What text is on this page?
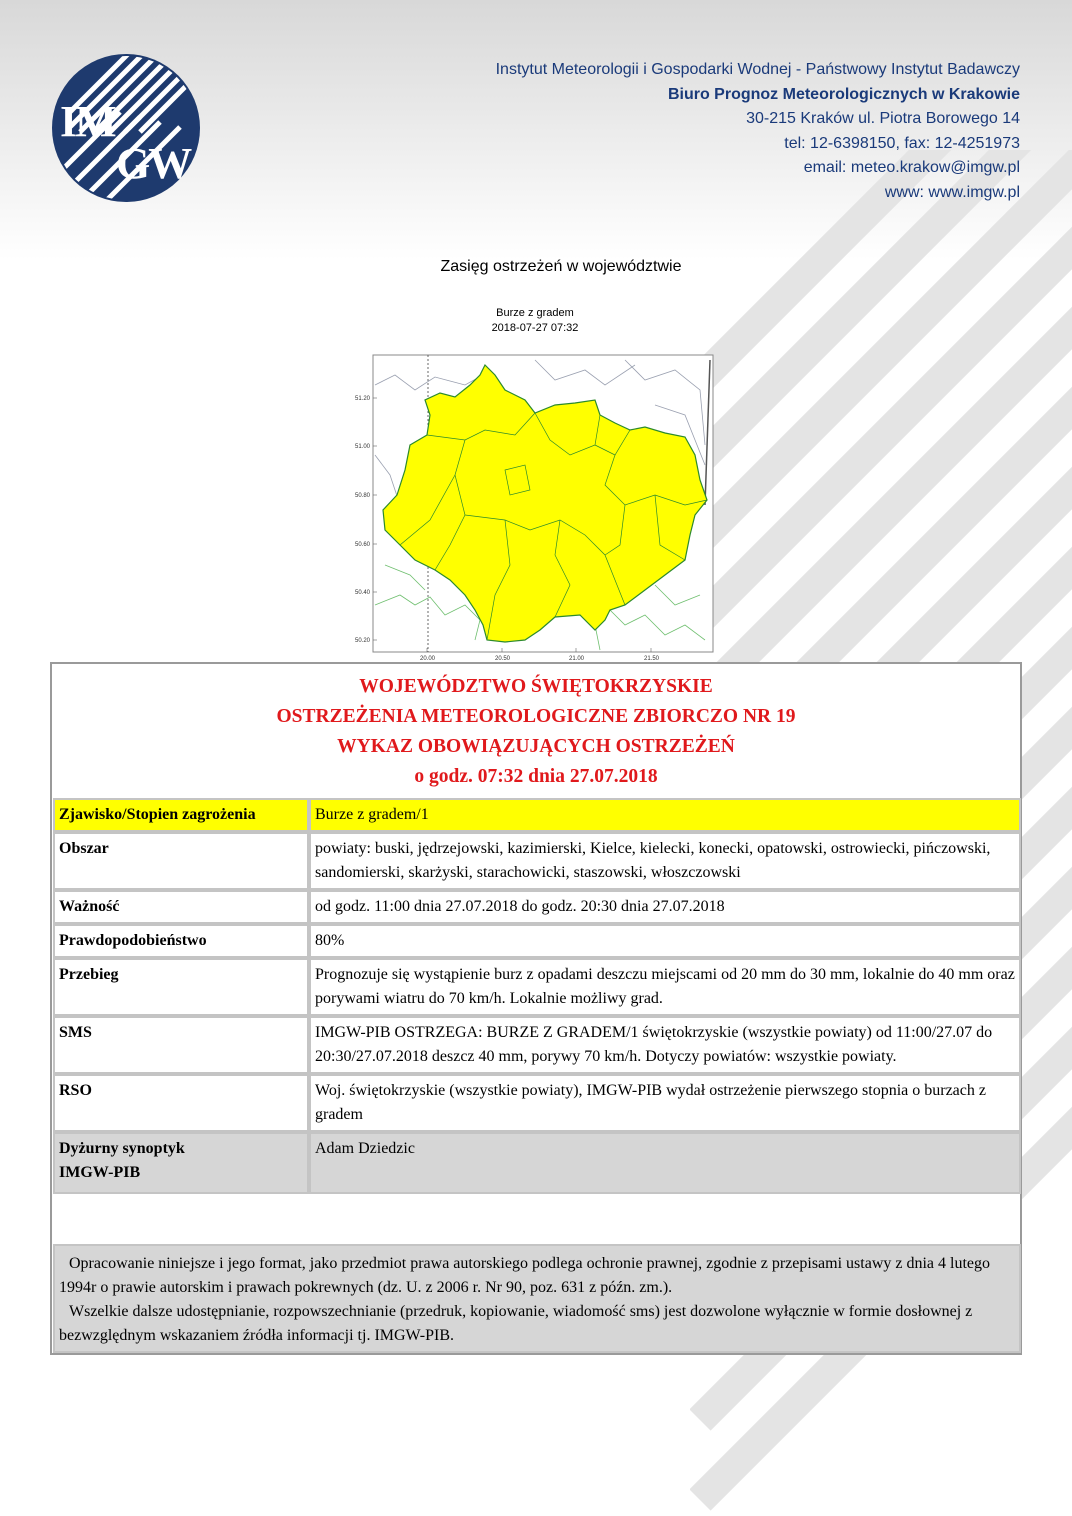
IM
GW
Instytut Meteorologii i Gospodarki Wodnej - Państwowy Instytut Badawczy
Biuro Prognoz Meteorologicznych w Krakowie
30-215 Kraków ul. Piotra Borowego 14
tel: 12-6398150, fax: 12-4251973
email: meteo.krakow@imgw.pl
www: www.imgw.pl
Zasięg ostrzeżeń w województwie
Burze z gradem
2018-07-27 07:32
51.20
51.00
50.80
50.60
50.40
50.20
20.00	20.50	21.00	21.50
WOJEWÓDZTWO ŚWIĘTOKRZYSKIE
OSTRZEŻENIA METEOROLOGICZNE ZBIORCZO NR 19
WYKAZ OBOWIĄZUJĄCYCH OSTRZEŻEŃ
o godz. 07:32 dnia 27.07.2018
Zjawisko/Stopien zagrożenia	Burze z gradem/1
Obszar	powiaty: buski, jędrzejowski, kazimierski, Kielce, kielecki, konecki, opatowski, ostrowiecki, pińczowski, sandomierski, skarżyski, starachowicki, staszowski, włoszczowski
Ważność	od godz. 11:00 dnia 27.07.2018 do godz. 20:30 dnia 27.07.2018
Prawdopodobieństwo	80%
Przebieg	Prognozuje się wystąpienie burz z opadami deszczu miejscami od 20 mm do 30 mm, lokalnie do 40 mm oraz porywami wiatru do 70 km/h. Lokalnie możliwy grad.
SMS	IMGW-PIB OSTRZEGA: BURZE Z GRADEM/1 świętokrzyskie (wszystkie powiaty) od 11:00/27.07 do 20:30/27.07.2018 deszcz 40 mm, porywy 70 km/h. Dotyczy powiatów: wszystkie powiaty.
RSO	Woj. świętokrzyskie (wszystkie powiaty), IMGW-PIB wydał ostrzeżenie pierwszego stopnia o burzach z gradem

Dyżurny synoptyk
IMGW-PIB	Adam Dziedzic

Opracowanie niniejsze i jego format, jako przedmiot prawa autorskiego podlega ochronie prawnej, zgodnie z przepisami ustawy z dnia 4 lutego 1994r o prawie autorskim i prawach pokrewnych (dz. U. z 2006 r. Nr 90, poz. 631 z późn. zm.).

Wszelkie dalsze udostępnianie, rozpowszechnianie (przedruk, kopiowanie, wiadomość sms) jest dozwolone wyłącznie w formie dosłownej z bezwzględnym wskazaniem źródła informacji tj. IMGW-PIB.
